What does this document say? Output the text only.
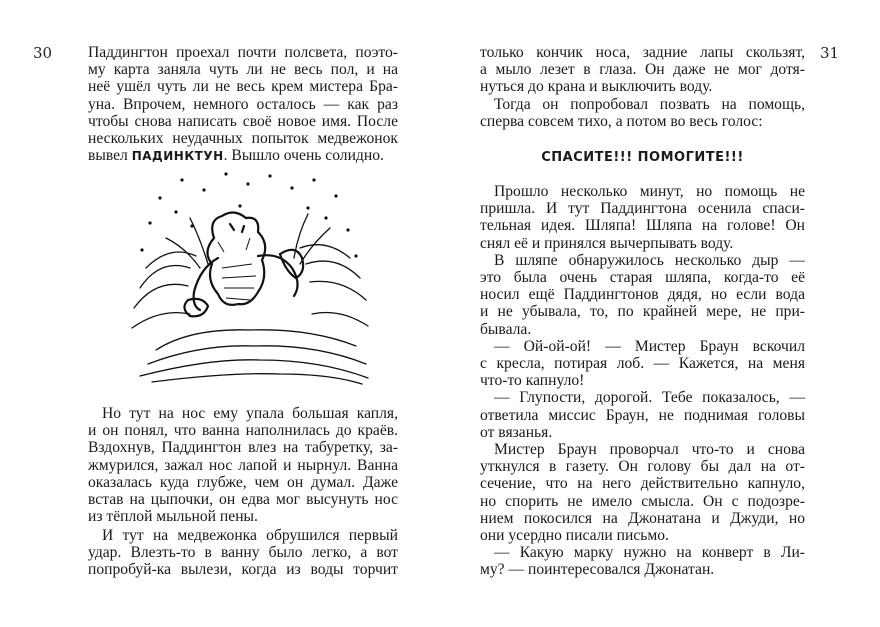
30 Паддингтон проехал почти полсвета, поэто-
му карта заняла чуть ли не весь пол, и на
неё ушёл чуть ли не весь крем мистера Бра-
уна. Впрочем, немного осталось — как раз
чтобы снова написать своё новое имя. После
нескольких неудачных попыток медвежонок
вывел ПАДИНКТУН. Вышло очень солидно.
Но тут на нос ему упала большая капля,
и он понял, что ванна наполнилась до краёв.
Вздохнув, Паддингтон влез на табуретку, за-
жмурился, зажал нос лапой и нырнул. Ванна
оказалась куда глубже, чем он думал. Даже
встав на цыпочки, он едва мог высунуть нос
из тёплой мыльной пены.
И тут на медвежонка обрушился первый
удар. Влезть-то в ванну было легко, а вот
попробуй-ка вылези, когда из воды торчит
31
только кончик носа, задние лапы скользят,
а мыло лезет в глаза. Он даже не мог дотя-
нуться до крана и выключить воду.
Тогда он попробовал позвать на помощь,
сперва совсем тихо, а потом во весь голос:
СПАСИТЕ!!! ПОМОГИТЕ!!!
Прошло несколько минут, но помощь не
пришла. И тут Паддингтона осенила спаси-
тельная идея. Шляпа! Шляпа на голове! Он
снял её и принялся вычерпывать воду.
В шляпе обнаружилось несколько дыр —
это была очень старая шляпа, когда-то её
носил ещё Паддингтонов дядя, но если вода
и не убывала, то, по крайней мере, не при-
бывала.
— Ой-ой-ой! — Мистер Браун вскочил
с кресла, потирая лоб. — Кажется, на меня
что-то капнуло!
— Глупости, дорогой. Тебе показалось, —
ответила миссис Браун, не поднимая головы
от вязанья.
Мистер Браун проворчал что-то и снова
уткнулся в газету. Он голову бы дал на от-
сечение, что на него действительно капнуло,
но спорить не имело смысла. Он с подозре-
нием покосился на Джонатана и Джуди, но
они усердно писали письмо.
— Какую марку нужно на конверт в Ли-
му? — поинтересовался Джонатан.
